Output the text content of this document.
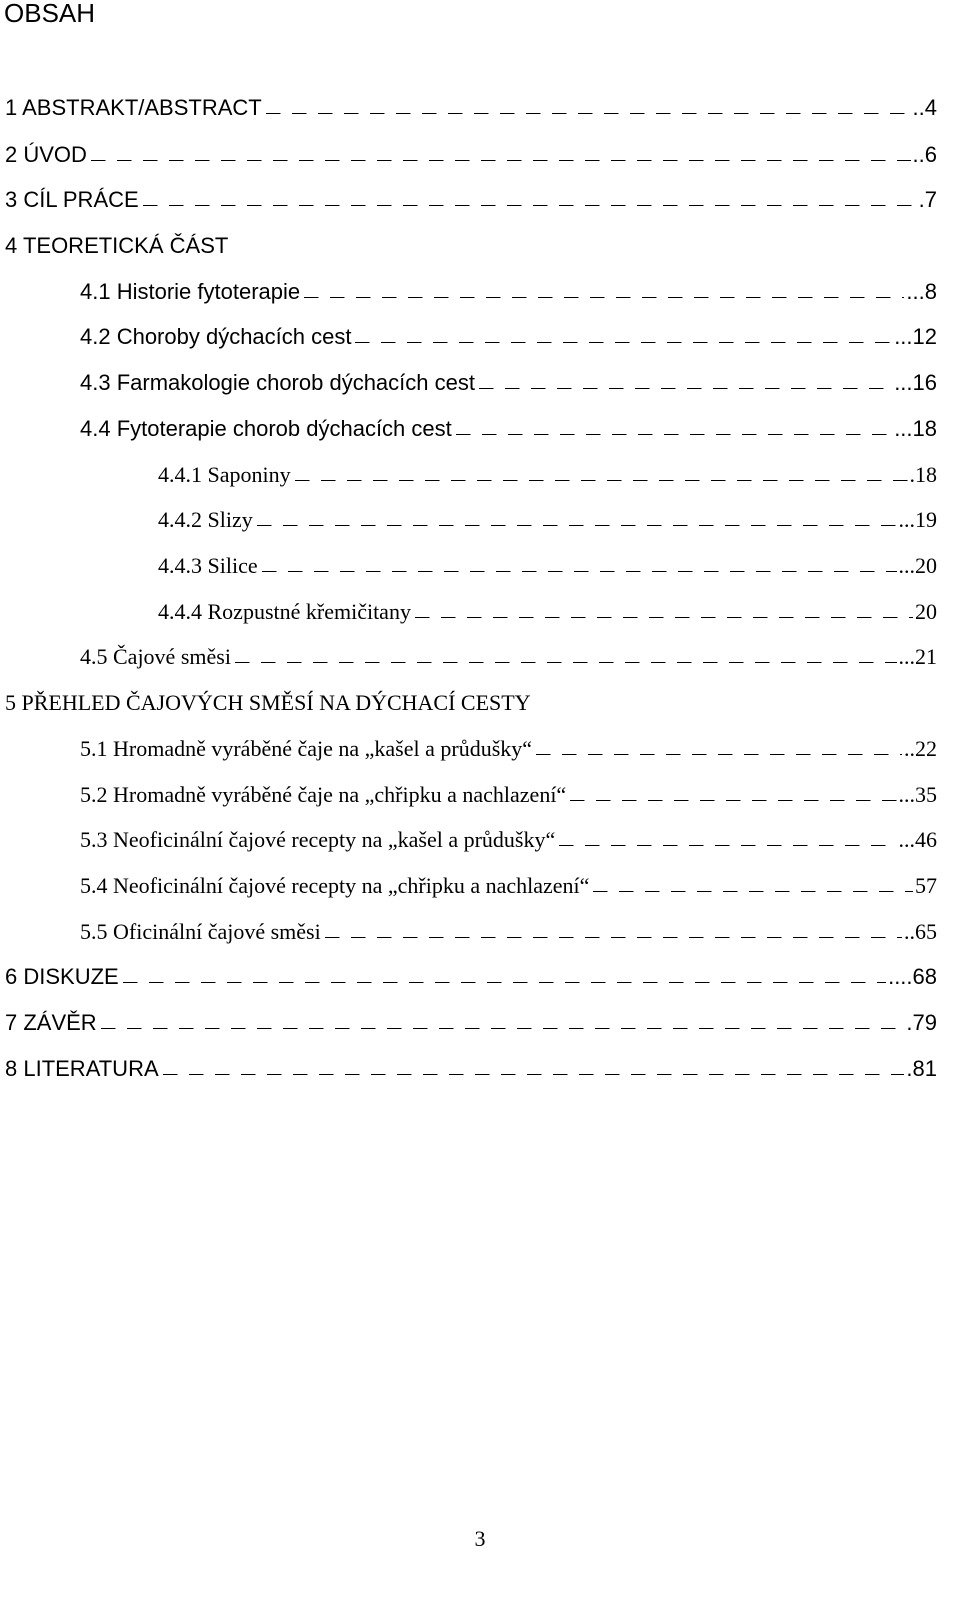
OBSAH
1 ABSTRAKT/ABSTRACT	..4
2 ÚVOD	..6
3 CÍL PRÁCE	.7
4 TEORETICKÁ ČÁST
4.1 Historie fytoterapie	...8
4.2 Choroby dýchacích cest	...12
4.3 Farmakologie chorob dýchacích cest	...16
4.4 Fytoterapie chorob dýchacích cest	...18
4.4.1 Saponiny	.18
4.4.2 Slizy	...19
4.4.3 Silice	...20
4.4.4 Rozpustné křemičitany	20
4.5 Čajové směsi	...21
5 PŘEHLED ČAJOVÝCH SMĚSÍ NA DÝCHACÍ CESTY
5.1 Hromadně vyráběné čaje na „kašel a průdušky“	..22
5.2 Hromadně vyráběné čaje na „chřipku a nachlazení“	...35
5.3 Neoficinální čajové recepty na „kašel a průdušky“	...46
5.4 Neoficinální čajové recepty na „chřipku a nachlazení“	57
5.5 Oficinální čajové směsi	..65
6 DISKUZE	....68
7 ZÁVĚR	.79
8 LITERATURA	.81
3
